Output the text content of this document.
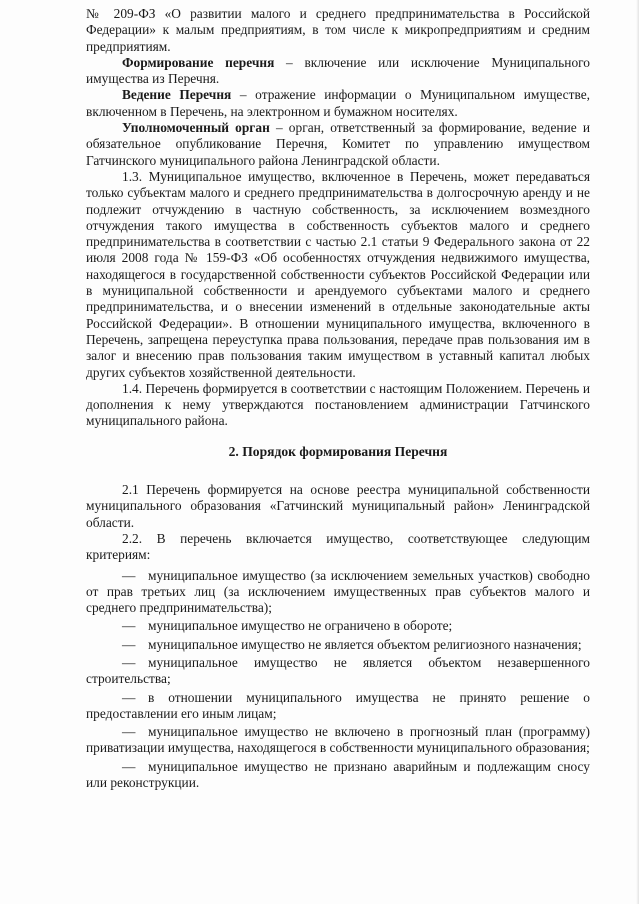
№ 209-ФЗ «О развитии малого и среднего предпринимательства в Российской Федерации» к малым предприятиям, в том числе к микропредприятиям и средним предприятиям.

Формирование перечня – включение или исключение Муниципального имущества из Перечня.

Ведение Перечня – отражение информации о Муниципальном имуществе, включенном в Перечень, на электронном и бумажном носителях.

Уполномоченный орган – орган, ответственный за формирование, ведение и обязательное опубликование Перечня, Комитет по управлению имуществом Гатчинского муниципального района Ленинградской области.

1.3. Муниципальное имущество, включенное в Перечень, может передаваться только субъектам малого и среднего предпринимательства в долгосрочную аренду и не подлежит отчуждению в частную собственность, за исключением возмездного отчуждения такого имущества в собственность субъектов малого и среднего предпринимательства в соответствии с частью 2.1 статьи 9 Федерального закона от 22 июля 2008 года № 159-ФЗ «Об особенностях отчуждения недвижимого имущества, находящегося в государственной собственности субъектов Российской Федерации или в муниципальной собственности и арендуемого субъектами малого и среднего предпринимательства, и о внесении изменений в отдельные законодательные акты Российской Федерации». В отношении муниципального имущества, включенного в Перечень, запрещена переуступка права пользования, передаче прав пользования им в залог и внесению прав пользования таким имуществом в уставный капитал любых других субъектов хозяйственной деятельности.

1.4. Перечень формируется в соответствии с настоящим Положением. Перечень и дополнения к нему утверждаются постановлением администрации Гатчинского муниципального района.

2. Порядок формирования Перечня

2.1 Перечень формируется на основе реестра муниципальной собственности муниципального образования «Гатчинский муниципальный район» Ленинградской области.

2.2. В перечень включается имущество, соответствующее следующим критериям:

— муниципальное имущество (за исключением земельных участков) свободно от прав третьих лиц (за исключением имущественных прав субъектов малого и среднего предпринимательства);

— муниципальное имущество не ограничено в обороте;

— муниципальное имущество не является объектом религиозного назначения;

— муниципальное имущество не является объектом незавершенного строительства;

— в отношении муниципального имущества не принято решение о предоставлении его иным лицам;

— муниципальное имущество не включено в прогнозный план (программу) приватизации имущества, находящегося в собственности муниципального образования;

— муниципальное имущество не признано аварийным и подлежащим сносу или реконструкции.
